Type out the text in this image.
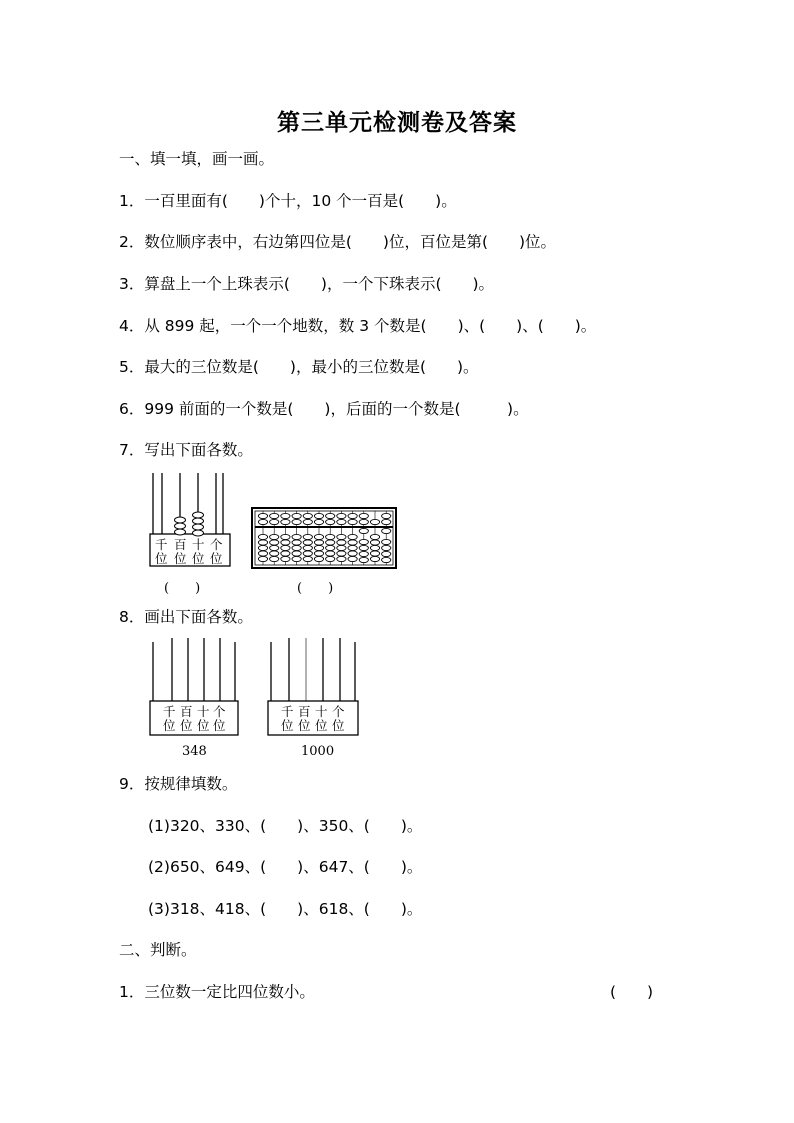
第三单元检测卷及答案
一、填一填，画一画。
1．一百里面有(　　)个十，10 个一百是(　　)。
2．数位顺序表中，右边第四位是(　　)位，百位是第(　　)位。
3．算盘上一个上珠表示(　　)，一个下珠表示(　　)。
4．从 899 起，一个一个地数，数 3 个数是(　　)、(　　)、(　　)。
5．最大的三位数是(　　)，最小的三位数是(　　)。
6．999 前面的一个数是(　　)，后面的一个数是(　　　)。
7．写出下面各数。
千 百 十 个
位 位 位 位
(　　)	(　　)
8．画出下面各数。
千 百 十 个
位 位 位 位
348
千 百 十 个
位 位 位 位
1000
9．按规律填数。
(1)320、330、(　　)、350、(　　)。
(2)650、649、(　　)、647、(　　)。
(3)318、418、(　　)、618、(　　)。
二、判断。
1．三位数一定比四位数小。	(　　)
